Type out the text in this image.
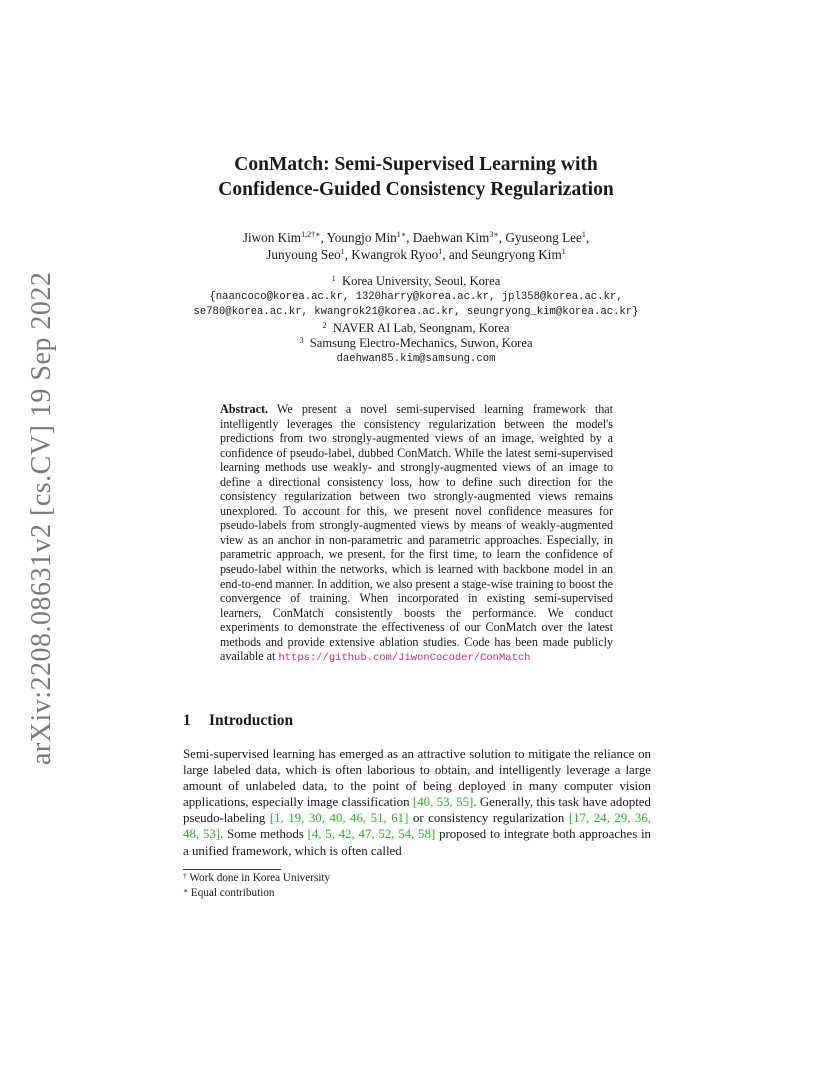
arXiv:2208.08631v2 [cs.CV] 19 Sep 2022
ConMatch: Semi-Supervised Learning with
Confidence-Guided Consistency Regularization
Jiwon Kim$^{1,2\dagger∗}$, Youngjo Min$^{1∗}$, Daehwan Kim$^{3∗}$, Gyuseong Lee$^1$,
Junyoung Seo$^1$, Kwangrok Ryoo$^1$, and Seungryong Kim$^1$
$^1$ Korea University, Seoul, Korea
{naancoco@korea.ac.kr, 1320harry@korea.ac.kr, jpl358@korea.ac.kr,
se780@korea.ac.kr, kwangrok21@korea.ac.kr, seungryong_kim@korea.ac.kr}
$^2$ NAVER AI Lab, Seongnam, Korea
$^3$ Samsung Electro-Mechanics, Suwon, Korea
daehwan85.kim@samsung.com
Abstract. We present a novel semi-supervised learning framework that intelligently leverages the consistency regularization between the model's predictions from two strongly-augmented views of an image, weighted by a confidence of pseudo-label, dubbed ConMatch. While the latest semi-supervised learning methods use weakly- and strongly-augmented views of an image to define a directional consistency loss, how to define such direction for the consistency regularization between two strongly-augmented views remains unexplored. To account for this, we present novel confidence measures for pseudo-labels from strongly-augmented views by means of weakly-augmented view as an anchor in non-parametric and parametric approaches. Especially, in parametric approach, we present, for the first time, to learn the confidence of pseudo-label within the networks, which is learned with backbone model in an end-to-end manner. In addition, we also present a stage-wise training to boost the convergence of training. When incorporated in existing semi-supervised learners, ConMatch consistently boosts the performance. We conduct experiments to demonstrate the effectiveness of our ConMatch over the latest methods and provide extensive ablation studies. Code has been made publicly available at https://github.com/JiwonCocoder/ConMatch
1 Introduction
Semi-supervised learning has emerged as an attractive solution to mitigate the reliance on large labeled data, which is often laborious to obtain, and intelligently leverage a large amount of unlabeled data, to the point of being deployed in many computer vision applications, especially image classification [40, 53, 55]. Generally, this task have adopted pseudo-labeling [1, 19, 30, 40, 46, 51, 61] or consistency regularization [17, 24, 29, 36, 48, 53]. Some methods [4, 5, 42, 47, 52, 54, 58] proposed to integrate both approaches in a unified framework, which is often called
† Work done in Korea University
∗ Equal contribution
